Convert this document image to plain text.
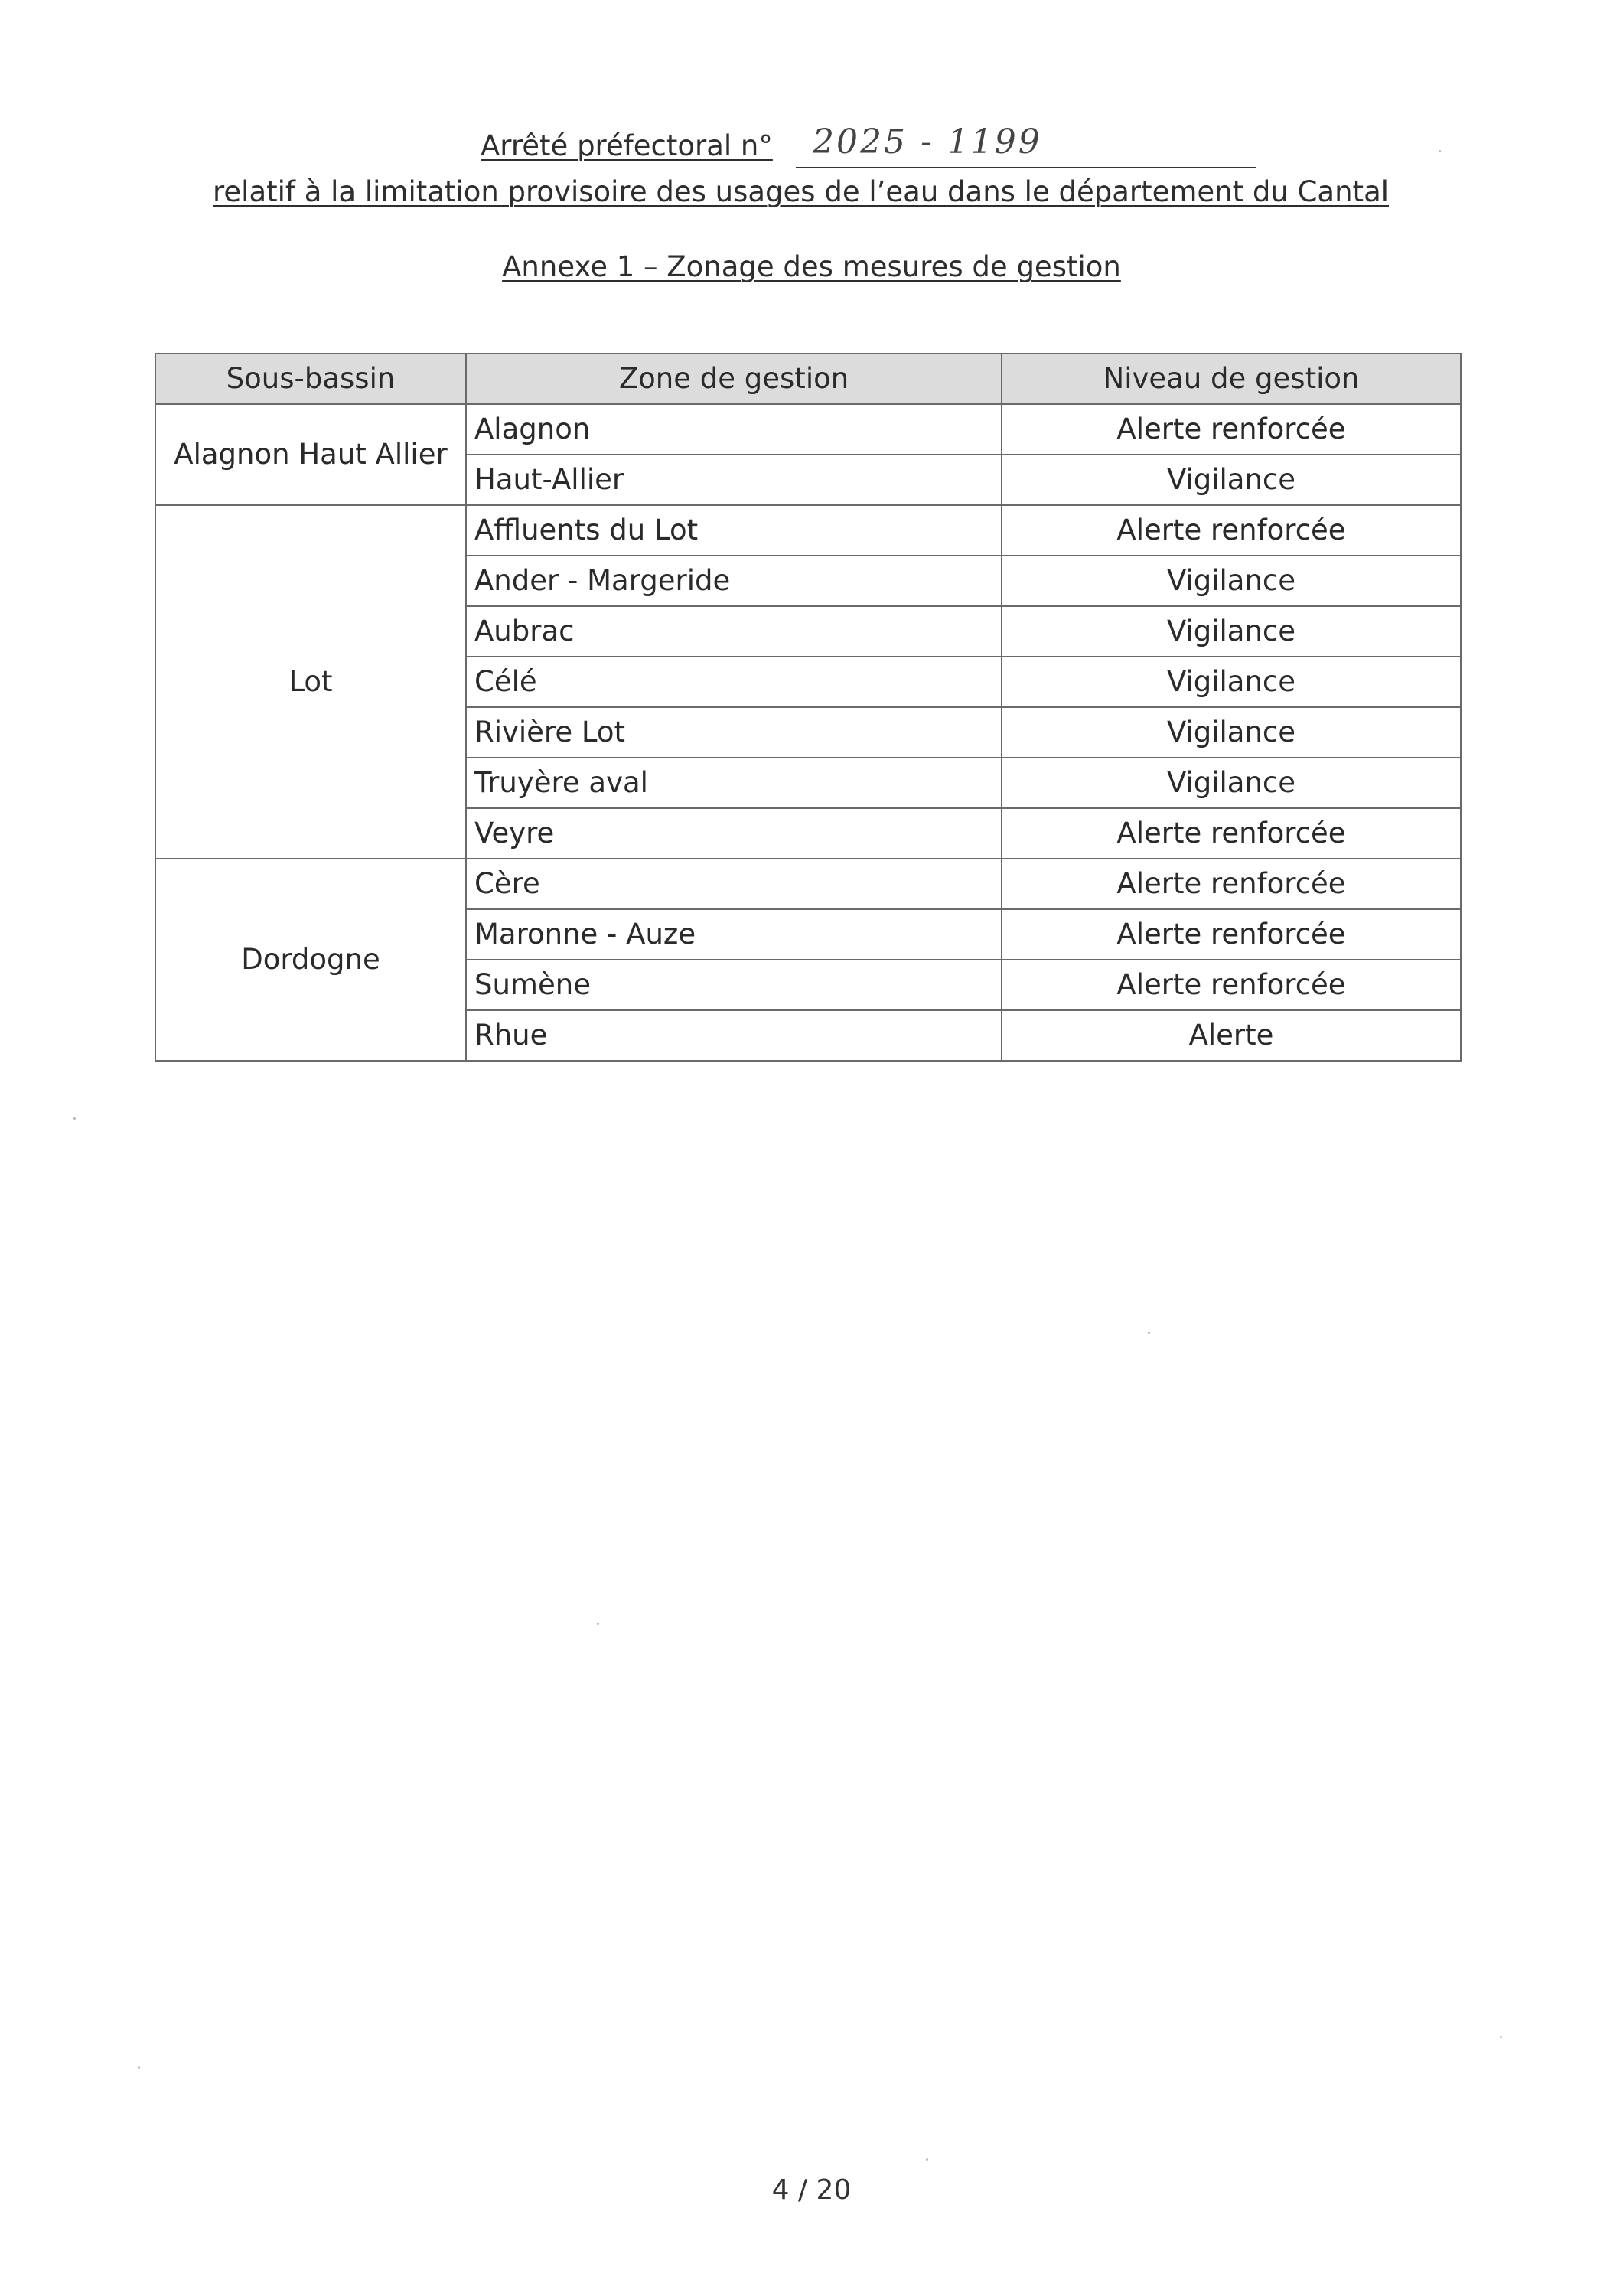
Arrêté préfectoral n° 2025 - 1199
relatif à la limitation provisoire des usages de l’eau dans le département du Cantal
Annexe 1 – Zonage des mesures de gestion
Sous-bassin	Zone de gestion	Niveau de gestion
Alagnon Haut Allier	Alagnon	Alerte renforcée
	Haut-Allier	Vigilance
Lot	Affluents du Lot	Alerte renforcée
	Ander - Margeride	Vigilance
	Aubrac	Vigilance
	Célé	Vigilance
	Rivière Lot	Vigilance
	Truyère aval	Vigilance
	Veyre	Alerte renforcée
Dordogne	Cère	Alerte renforcée
	Maronne - Auze	Alerte renforcée
	Sumène	Alerte renforcée
	Rhue	Alerte
4 / 20
